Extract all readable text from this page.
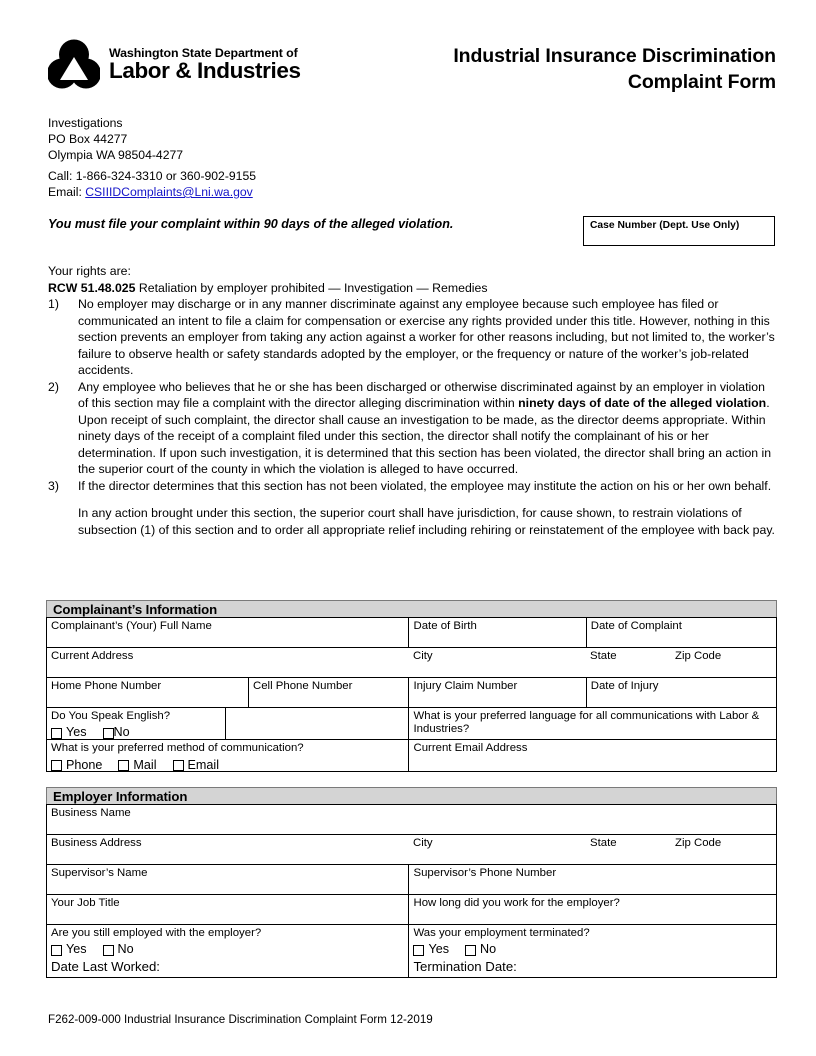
Washington State Department of
Labor & Industries
Industrial Insurance Discrimination
Complaint Form
Investigations
PO Box 44277
Olympia WA 98504-4277
Call: 1-866-324-3310 or 360-902-9155
Email: CSIIIDComplaints@Lni.wa.gov
You must file your complaint within 90 days of the alleged violation.	Case Number (Dept. Use Only)
Your rights are:
RCW 51.48.025 Retaliation by employer prohibited — Investigation — Remedies
1)	No employer may discharge or in any manner discriminate against any employee because such employee has filed or communicated an intent to file a claim for compensation or exercise any rights provided under this title. However, nothing in this section prevents an employer from taking any action against a worker for other reasons including, but not limited to, the worker’s failure to observe health or safety standards adopted by the employer, or the frequency or nature of the worker’s job-related accidents.
2)	Any employee who believes that he or she has been discharged or otherwise discriminated against by an employer in violation of this section may file a complaint with the director alleging discrimination within ninety days of date of the alleged violation. Upon receipt of such complaint, the director shall cause an investigation to be made, as the director deems appropriate. Within ninety days of the receipt of a complaint filed under this section, the director shall notify the complainant of his or her determination. If upon such investigation, it is determined that this section has been violated, the director shall bring an action in the superior court of the county in which the violation is alleged to have occurred.
3)	If the director determines that this section has not been violated, the employee may institute the action on his or her own behalf.
In any action brought under this section, the superior court shall have jurisdiction, for cause shown, to restrain violations of subsection (1) of this section and to order all appropriate relief including rehiring or reinstatement of the employee with back pay.
Complainant’s Information
Complainant’s (Your) Full Name	Date of Birth	Date of Complaint

Current Address City State Zip Code		

Home Phone Number Cell Phone Number	Injury Claim Number	Date of Injury

Do You Speak English?
Yes No	What is your preferred language for all communications with Labor & Industries?	

What is your preferred method of communication?
Phone Mail Email	Current Email Address	
Employer Information
Business Name	

Business Address City State Zip Code	

Supervisor’s Name	Supervisor’s Phone Number

Your Job Title	How long did you work for the employer?

Are you still employed with the employer?
Yes No
Date Last Worked:

Was your employment terminated?
Yes No
Termination Date:
F262-009-000 Industrial Insurance Discrimination Complaint Form 12-2019
